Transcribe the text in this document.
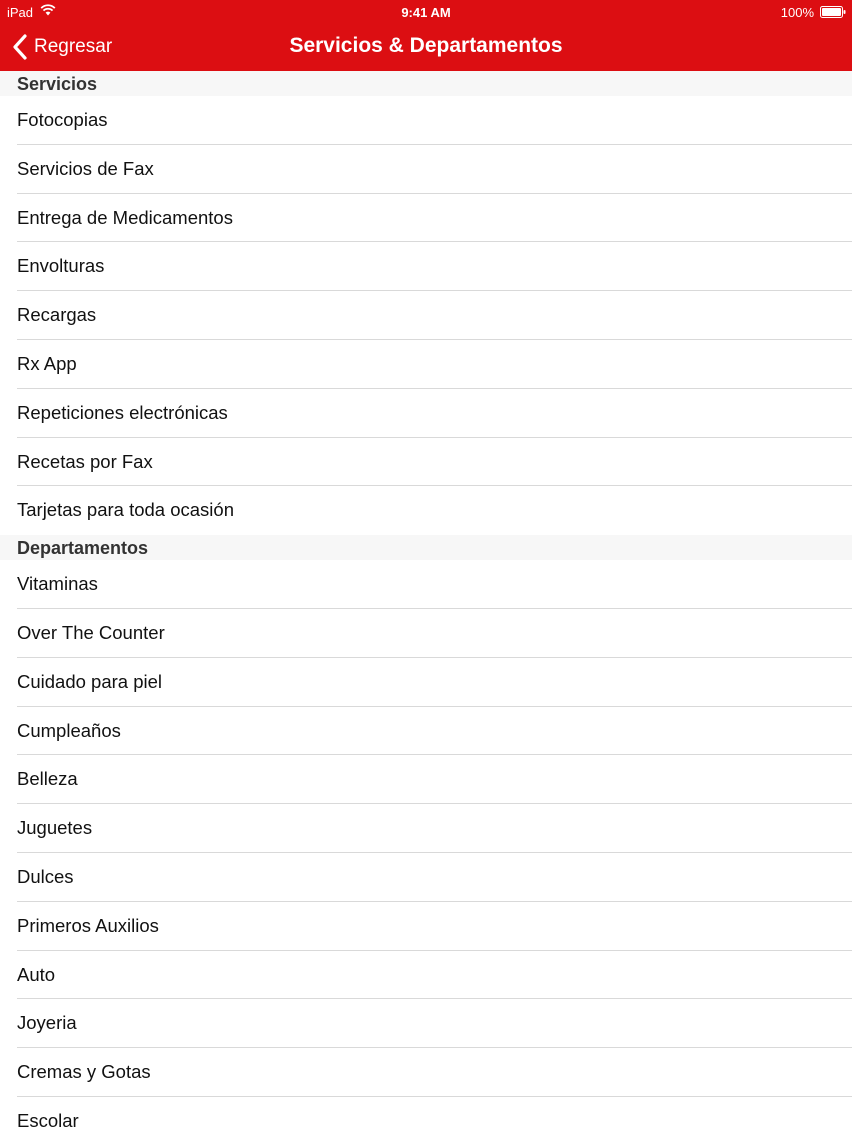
iPad	9:41 AM	100%
Regresar	Servicios & Departamentos
Servicios
Fotocopias
Servicios de Fax
Entrega de Medicamentos
Envolturas
Recargas
Rx App
Repeticiones electrónicas
Recetas por Fax
Tarjetas para toda ocasión
Departamentos
Vitaminas
Over The Counter
Cuidado para piel
Cumpleaños
Belleza
Juguetes
Dulces
Primeros Auxilios
Auto
Joyeria
Cremas y Gotas
Escolar
